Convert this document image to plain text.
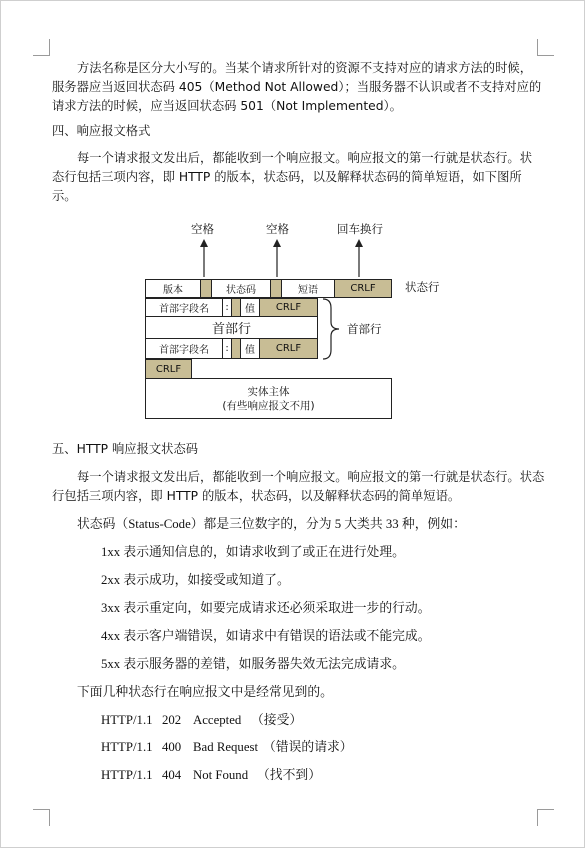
方法名称是区分大小写的。当某个请求所针对的资源不支持对应的请求方法的时候，
服务器应当返回状态码 405（Method Not Allowed）；当服务器不认识或者不支持对应的
请求方法的时候，应当返回状态码 501（Not Implemented）。
四、响应报文格式
每一个请求报文发出后，都能收到一个响应报文。响应报文的第一行就是状态行。状
态行包括三项内容，即 HTTP 的版本，状态码，以及解释状态码的简单短语，如下图所
示。
空格	空格	回车换行
版本	状态码	短语	CRLF	状态行
首部字段名	:	值	CRLF
首部行
首部字段名	:	值	CRLF
首部行
CRLF
实体主体
(有些响应报文不用)
五、HTTP 响应报文状态码
每一个请求报文发出后，都能收到一个响应报文。响应报文的第一行就是状态行。状态
行包括三项内容，即 HTTP 的版本，状态码，以及解释状态码的简单短语。
状态码（Status-Code）都是三位数字的，分为 5 大类共 33 种，例如：
1xx 表示通知信息的，如请求收到了或正在进行处理。
2xx 表示成功，如接受或知道了。
3xx 表示重定向，如要完成请求还必须采取进一步的行动。
4xx 表示客户端错误，如请求中有错误的语法或不能完成。
5xx 表示服务器的差错，如服务器失效无法完成请求。
下面几种状态行在响应报文中是经常见到的。
HTTP/1.1 202 Accepted （接受）
HTTP/1.1 400 Bad Request （错误的请求）
HTTP/1.1 404 Not Found （找不到）
